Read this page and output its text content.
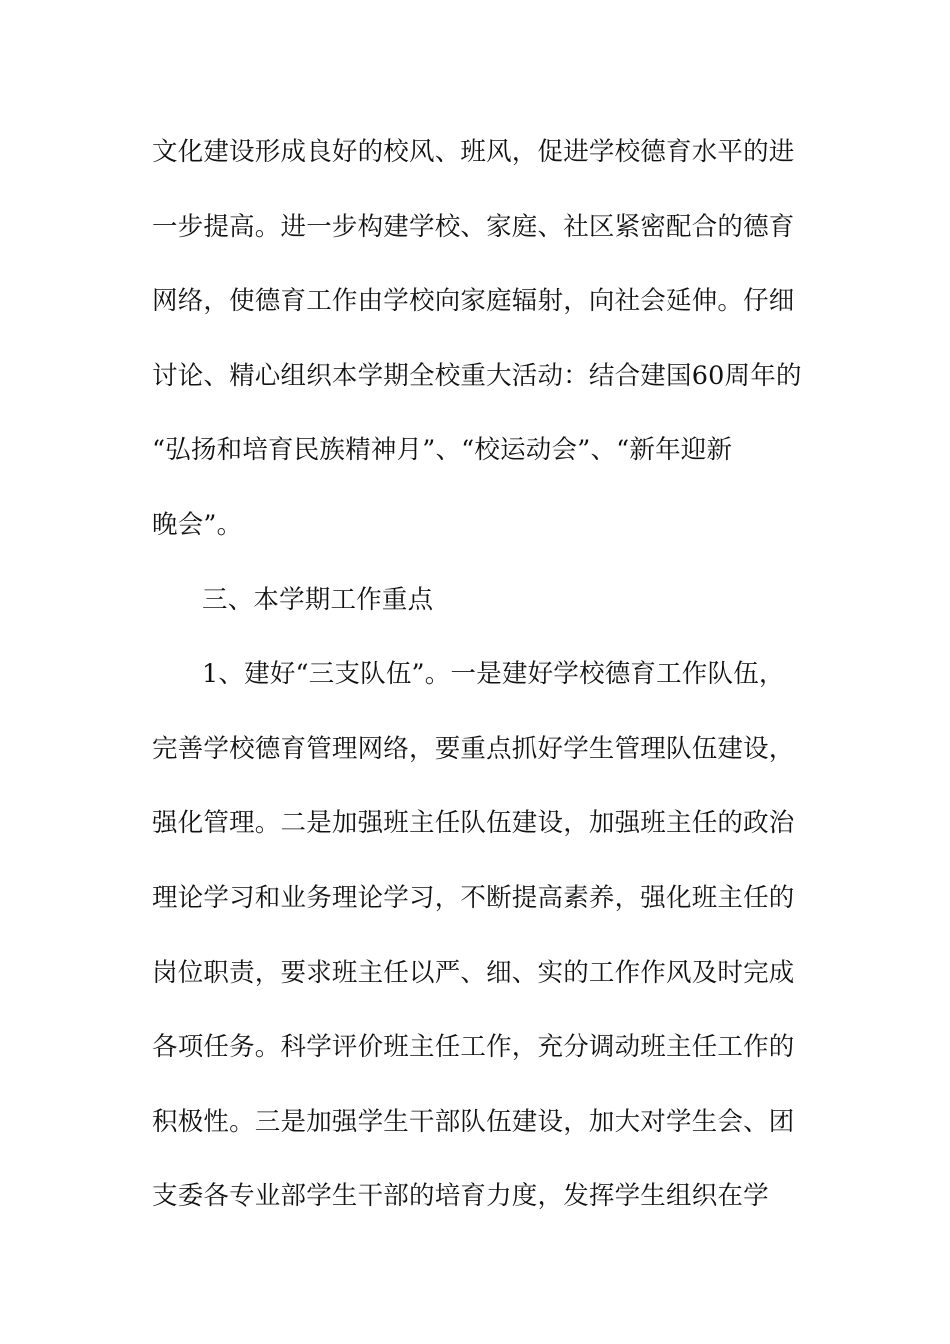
文化建设形成良好的校风、班风，促进学校德育水平的进
一步提高。进一步构建学校、家庭、社区紧密配合的德育
网络，使德育工作由学校向家庭辐射，向社会延伸。仔细
讨论、精心组织本学期全校重大活动：结合建国60周年的
“弘扬和培育民族精神月”、“校运动会”、“新年迎新
晚会”。
三、本学期工作重点
1、建好“三支队伍”。一是建好学校德育工作队伍，
完善学校德育管理网络，要重点抓好学生管理队伍建设，
强化管理。二是加强班主任队伍建设，加强班主任的政治
理论学习和业务理论学习，不断提高素养，强化班主任的
岗位职责，要求班主任以严、细、实的工作作风及时完成
各项任务。科学评价班主任工作，充分调动班主任工作的
积极性。三是加强学生干部队伍建设，加大对学生会、团
支委各专业部学生干部的培育力度，发挥学生组织在学
